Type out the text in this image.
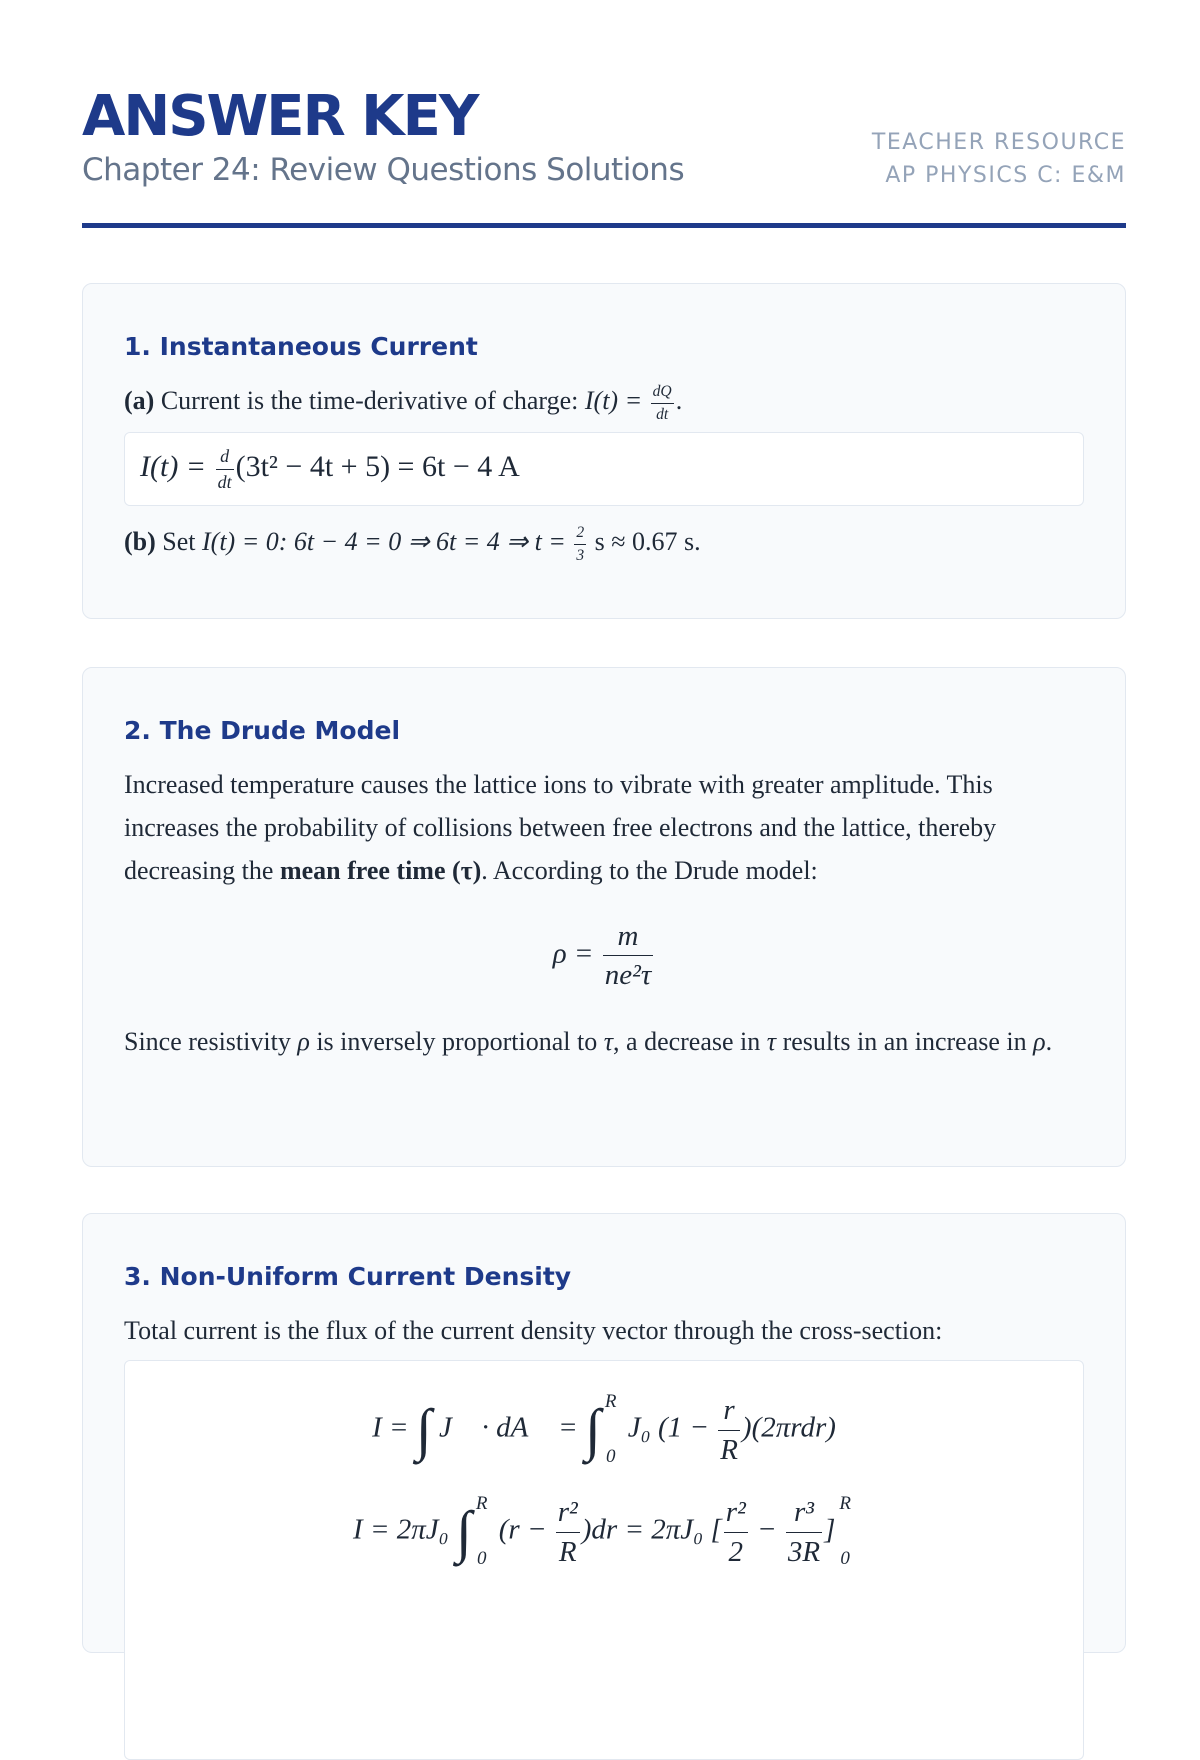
ANSWER KEY
Chapter 24: Review Questions Solutions
TEACHER RESOURCE
AP PHYSICS C: E&M
1. Instantaneous Current
(a) Current is the time-derivative of charge: $I(t) = \frac{dQ}{dt}$ .
$I(t) = \frac{d}{dt} (3t^2 - 4t + 5) = 6t - 4$ A
(b) Set I(t) = 0: 6t − 4 = 0 ⇒ 6t = 4 ⇒ $t = \frac{2}{3}$ s ≈ 0.67 s.
2. The Drude Model
Increased temperature causes the lattice ions to vibrate with greater amplitude. This increases the probability of collisions between free electrons and the lattice, thereby decreasing the mean free time (τ). According to the Drude model:
$\rho = \frac{m}{\text{ne²τ}}$
Since resistivity ρ is inversely proportional to τ, a decrease in τ results in an increase in ρ.
3. Non-Uniform Current Density
Total current is the flux of the current density vector through the cross-section:
I = ∫ J⃗ · dA⃗ = ∫ R
0
J₀ $(1 - \frac{r}{R} )(2\pi rdr)$
I = 2πJ₀ ∫ R
0
$(r - \frac{\text{r²}}{R} )dr = 2\pi J_0$ [ $\frac{\text{r²}}{2} - \frac{\text{r³}}{3R}$ ]
R
0
